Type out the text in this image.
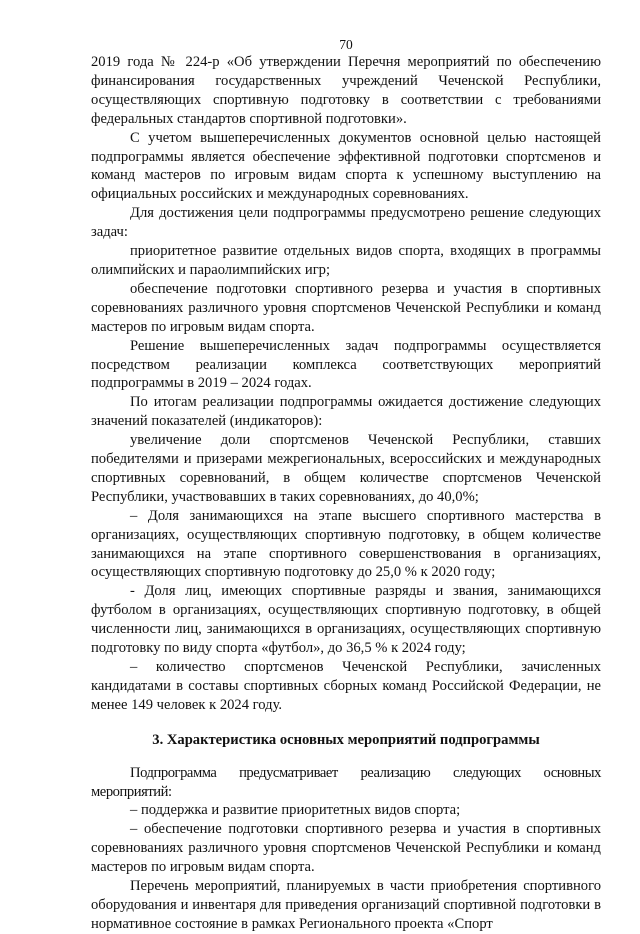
70

2019 года № 224-р «Об утверждении Перечня мероприятий по обеспечению финансирования государственных учреждений Чеченской Республики, осуществляющих спортивную подготовку в соответствии с требованиями федеральных стандартов спортивной подготовки».

С учетом вышеперечисленных документов основной целью настоящей подпрограммы является обеспечение эффективной подготовки спортсменов и команд мастеров по игровым видам спорта к успешному выступлению на официальных российских и международных соревнованиях.

Для достижения цели подпрограммы предусмотрено решение следующих задач:

приоритетное развитие отдельных видов спорта, входящих в программы олимпийских и параолимпийских игр;

обеспечение подготовки спортивного резерва и участия в спортивных соревнованиях различного уровня спортсменов Чеченской Республики и команд мастеров по игровым видам спорта.

Решение вышеперечисленных задач подпрограммы осуществляется посредством реализации комплекса соответствующих мероприятий подпрограммы в 2019 – 2024 годах.

По итогам реализации подпрограммы ожидается достижение следующих значений показателей (индикаторов):

увеличение доли спортсменов Чеченской Республики, ставших победителями и призерами межрегиональных, всероссийских и международных спортивных соревнований, в общем количестве спортсменов Чеченской Республики, участвовавших в таких соревнованиях, до 40,0%;

– Доля занимающихся на этапе высшего спортивного мастерства в организациях, осуществляющих спортивную подготовку, в общем количестве занимающихся на этапе спортивного совершенствования в организациях, осуществляющих спортивную подготовку до 25,0 % к 2020 году;

- Доля лиц, имеющих спортивные разряды и звания, занимающихся футболом в организациях, осуществляющих спортивную подготовку, в общей численности лиц, занимающихся в организациях, осуществляющих спортивную подготовку по виду спорта «футбол», до 36,5 % к 2024 году;

– количество спортсменов Чеченской Республики, зачисленных кандидатами в составы спортивных сборных команд Российской Федерации, не менее 149 человек к 2024 году.

3. Характеристика основных мероприятий подпрограммы

Подпрограмма предусматривает реализацию следующих основных мероприятий:

– поддержка и развитие приоритетных видов спорта;

– обеспечение подготовки спортивного резерва и участия в спортивных соревнованиях различного уровня спортсменов Чеченской Республики и команд мастеров по игровым видам спорта.

Перечень мероприятий, планируемых в части приобретения спортивного оборудования и инвентаря для приведения организаций спортивной подготовки в нормативное состояние в рамках Регионального проекта «Спорт
